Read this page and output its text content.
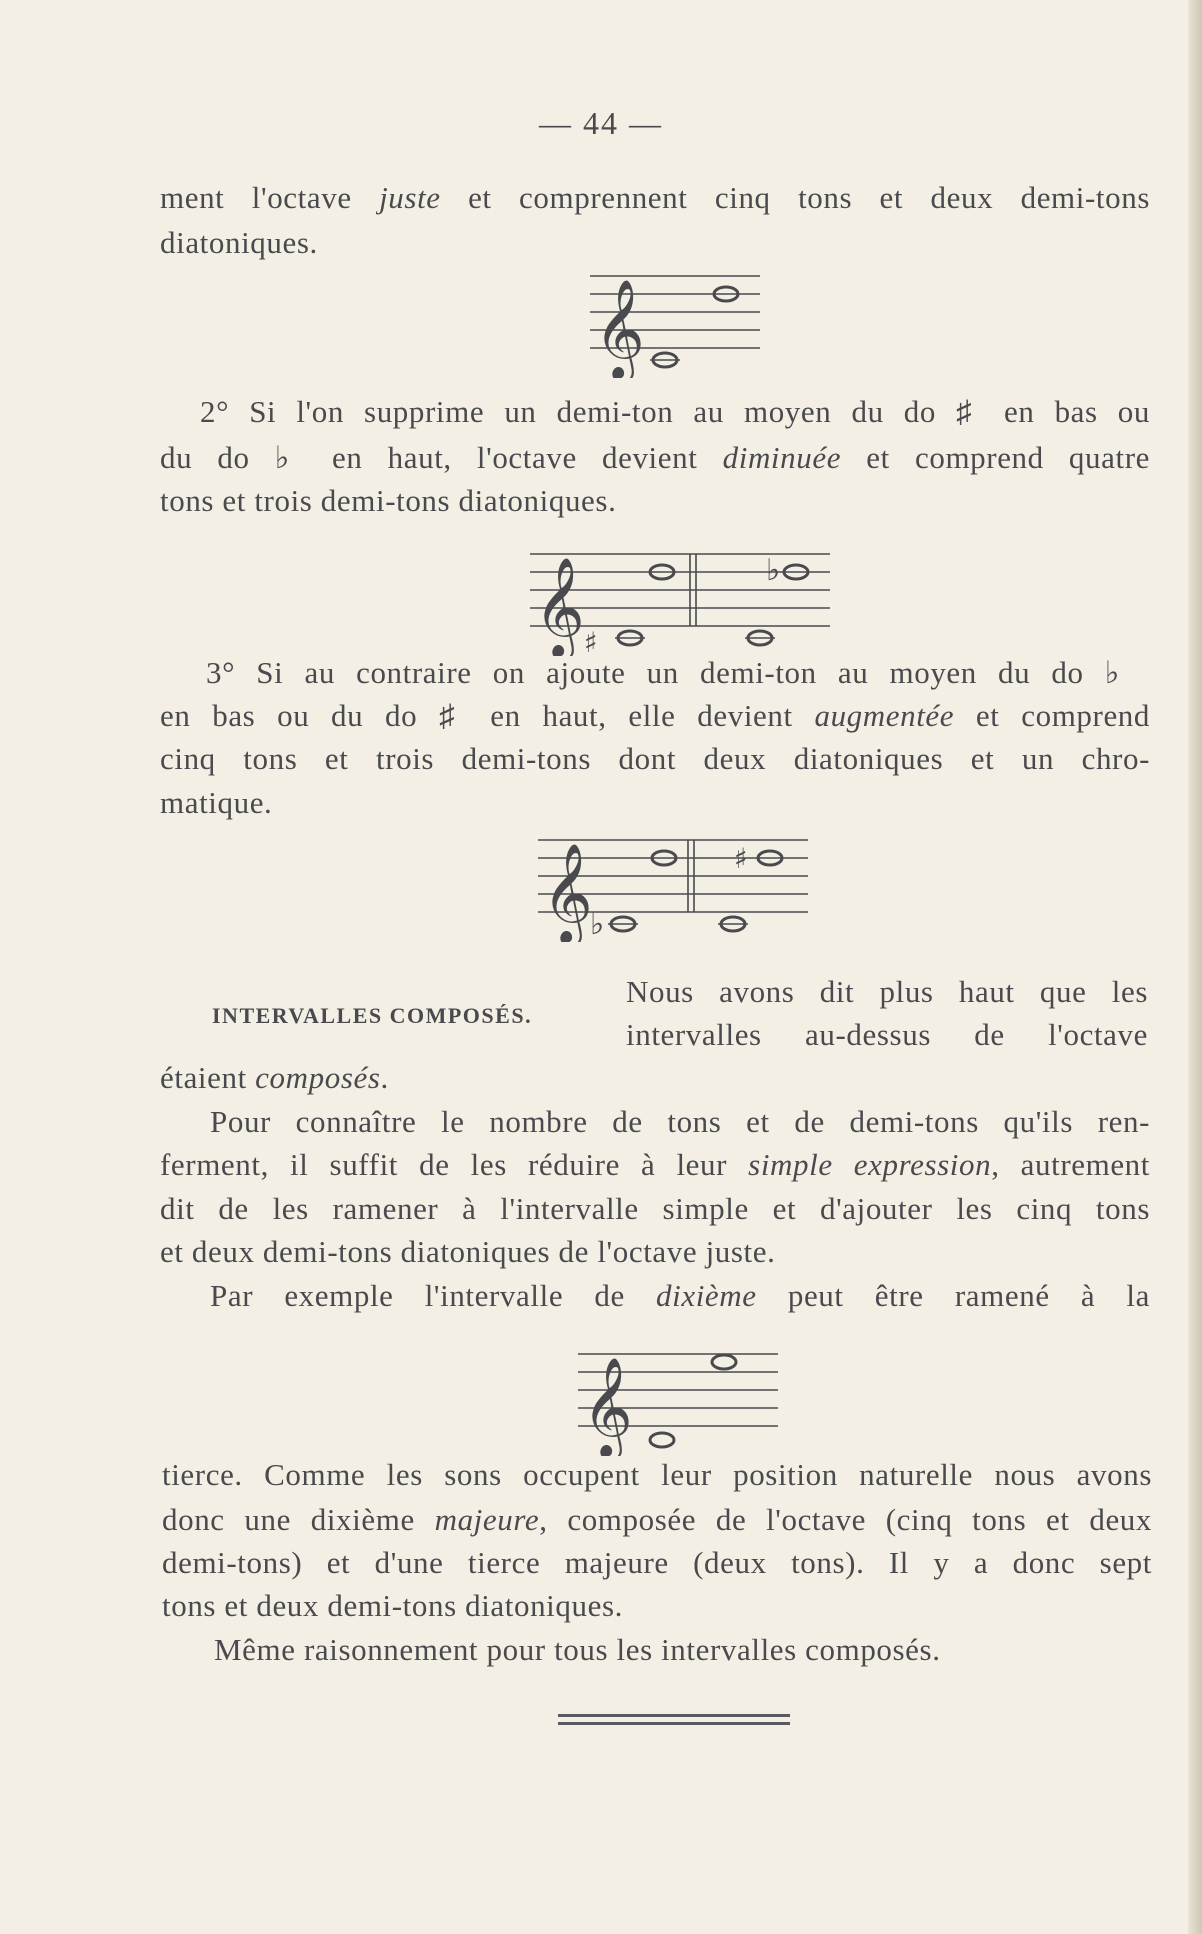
— 44 —
ment l'octave juste et comprennent cinq tons et deux demi-tons
diatoniques.
𝄞
2° Si l'on supprime un demi-ton au moyen du do ♯ en bas ou
du do ♭ en haut, l'octave devient diminuée et comprend quatre
tons et trois demi-tons diatoniques.
𝄞	♭
♯
3° Si au contraire on ajoute un demi-ton au moyen du do ♭
en bas ou du do ♯ en haut, elle devient augmentée et comprend
cinq tons et trois demi-tons dont deux diatoniques et un chro-
matique.
𝄞	♯
♭
INTERVALLES COMPOSÉS.
Nous avons dit plus haut que les
intervalles au-dessus de l'octave
étaient composés.
Pour connaître le nombre de tons et de demi-tons qu'ils ren-
ferment, il suffit de les réduire à leur simple expression, autrement
dit de les ramener à l'intervalle simple et d'ajouter les cinq tons
et deux demi-tons diatoniques de l'octave juste.
Par exemple l'intervalle de dixième peut être ramené à la
𝄞
tierce. Comme les sons occupent leur position naturelle nous avons
donc une dixième majeure, composée de l'octave (cinq tons et deux
demi-tons) et d'une tierce majeure (deux tons). Il y a donc sept
tons et deux demi-tons diatoniques.
Même raisonnement pour tous les intervalles composés.
